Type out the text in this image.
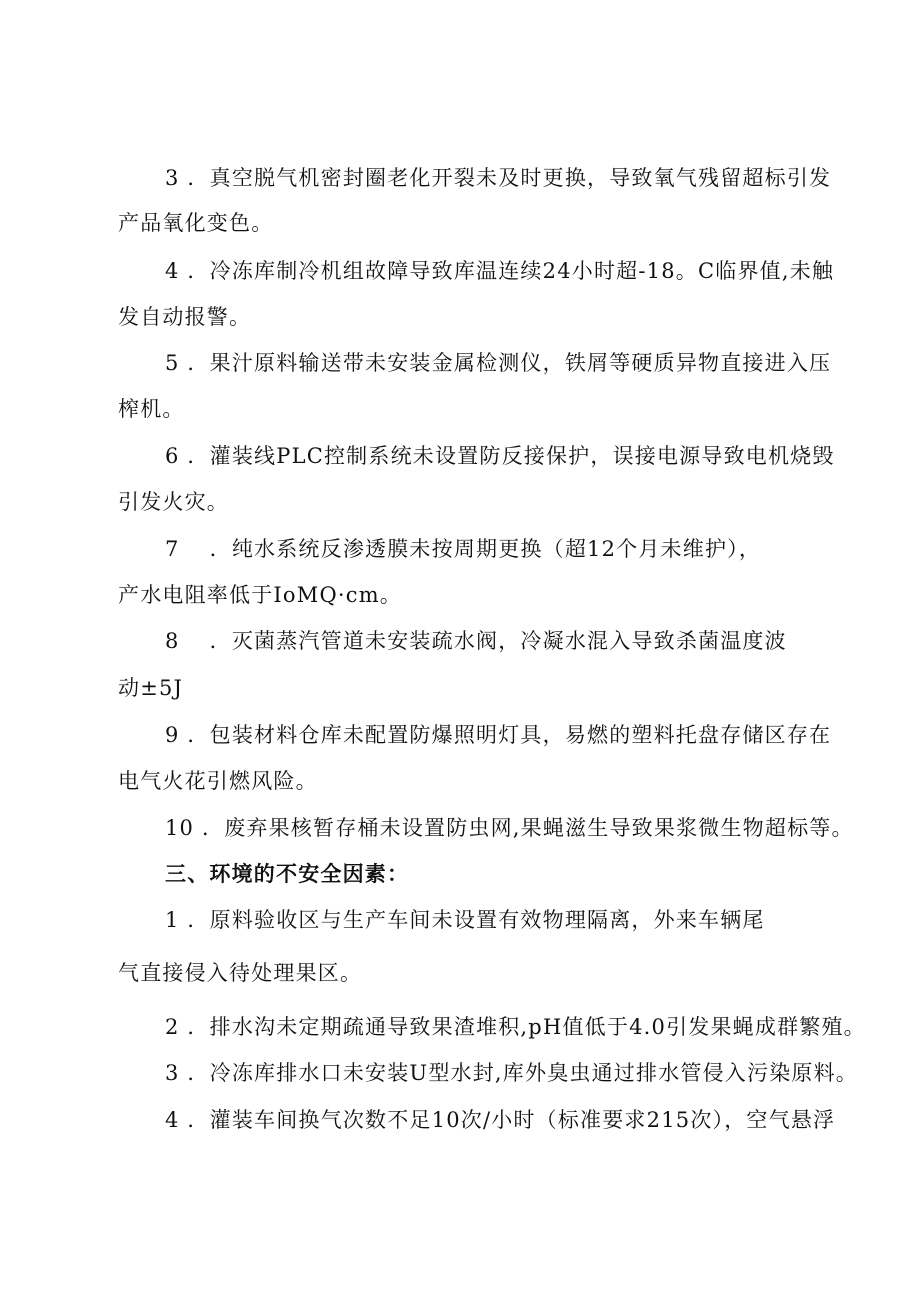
3 ．真空脱气机密封圈老化开裂未及时更换，导致氧气残留超标引发
产品氧化变色。
4 ．冷冻库制冷机组故障导致库温连续24小时超-18。C临界值,未触
发自动报警。
5 ．果汁原料输送带未安装金属检测仪，铁屑等硬质异物直接进入压
榨机。
6 ．灌装线PLC控制系统未设置防反接保护，误接电源导致电机烧毁
引发火灾。
7　 ．纯水系统反渗透膜未按周期更换（超12个月未维护），
产水电阻率低于IoMQ·cm。
8　 ．灭菌蒸汽管道未安装疏水阀，冷凝水混入导致杀菌温度波
动±5J
9 ．包装材料仓库未配置防爆照明灯具，易燃的塑料托盘存储区存在
电气火花引燃风险。
10 ．废弃果核暂存桶未设置防虫网,果蝇滋生导致果浆微生物超标等。
三、环境的不安全因素：
1 ．原料验收区与生产车间未设置有效物理隔离，外来车辆尾
气直接侵入待处理果区。
2 ．排水沟未定期疏通导致果渣堆积,pH值低于4.0引发果蝇成群繁殖。
3 ．冷冻库排水口未安装U型水封,库外臭虫通过排水管侵入污染原料。
4 ．灌装车间换气次数不足10次/小时（标准要求215次），空气悬浮
